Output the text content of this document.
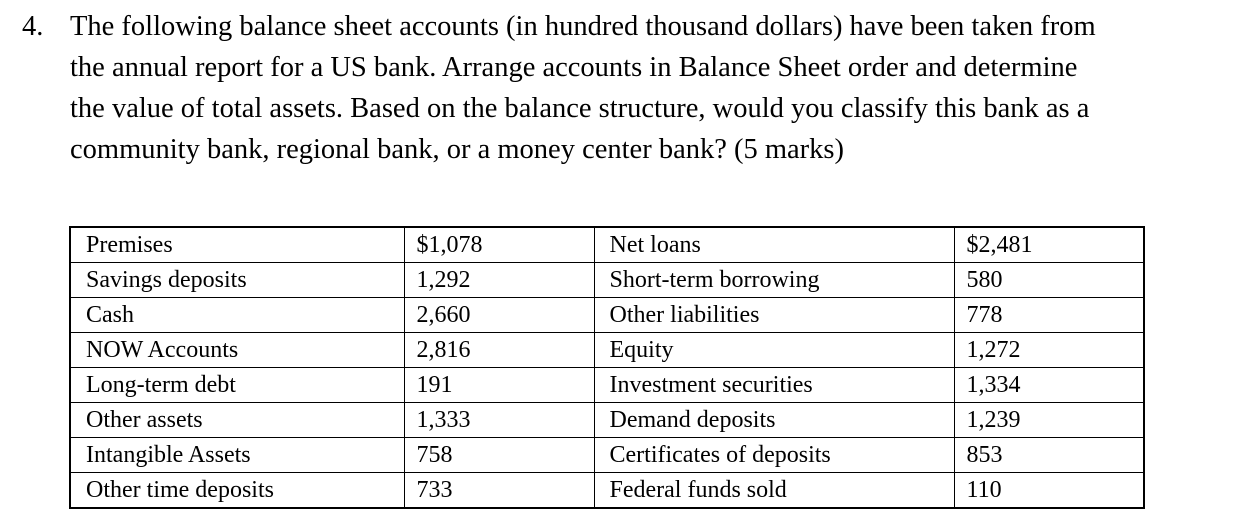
4. The following balance sheet accounts (in hundred thousand dollars) have been taken from
the annual report for a US bank. Arrange accounts in Balance Sheet order and determine
the value of total assets. Based on the balance structure, would you classify this bank as a
community bank, regional bank, or a money center bank? (5 marks)
Premises	$1,078	Net loans	$2,481
Savings deposits	1,292	Short-term borrowing	580
Cash	2,660	Other liabilities	778
NOW Accounts	2,816	Equity	1,272
Long-term debt	191	Investment securities	1,334
Other assets	1,333	Demand deposits	1,239
Intangible Assets	758	Certificates of deposits	853
Other time deposits	733	Federal funds sold	110
